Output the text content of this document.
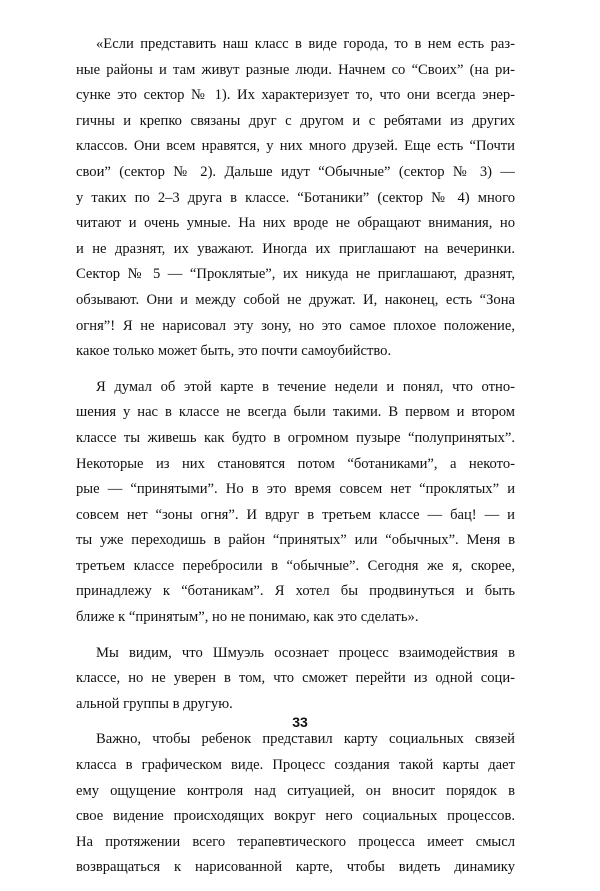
«Если представить наш класс в виде города, то в нем есть раз-
ные районы и там живут разные люди. Начнем со “Своих” (на ри-
сунке это сектор № 1). Их характеризует то, что они всегда энер-
гичны и крепко связаны друг с другом и с ребятами из других
классов. Они всем нравятся, у них много друзей. Еще есть “Почти
свои” (сектор № 2). Дальше идут “Обычные” (сектор № 3) —
у таких по 2–3 друга в классе. “Ботаники” (сектор № 4) много
читают и очень умные. На них вроде не обращают внимания, но
и не дразнят, их уважают. Иногда их приглашают на вечеринки.
Сектор № 5 — “Проклятые”, их никуда не приглашают, дразнят,
обзывают. Они и между собой не дружат. И, наконец, есть “Зона
огня”! Я не нарисовал эту зону, но это самое плохое положение,
какое только может быть, это почти самоубийство.
Я думал об этой карте в течение недели и понял, что отно-
шения у нас в классе не всегда были такими. В первом и втором
классе ты живешь как будто в огромном пузыре “полупринятых”.
Некоторые из них становятся потом “ботаниками”, а некото-
рые — “принятыми”. Но в это время совсем нет “проклятых” и
совсем нет “зоны огня”. И вдруг в третьем классе — бац! — и
ты уже переходишь в район “принятых” или “обычных”. Меня в
третьем классе перебросили в “обычные”. Сегодня же я, скорее,
принадлежу к “ботаникам”. Я хотел бы продвинуться и быть
ближе к “принятым”, но не понимаю, как это сделать».
Мы видим, что Шмуэль осознает процесс взаимодействия в
классе, но не уверен в том, что сможет перейти из одной соци-
альной группы в другую.
Важно, чтобы ребенок представил карту социальных связей
класса в графическом виде. Процесс создания такой карты дает
ему ощущение контроля над ситуацией, он вносит порядок в
свое видение происходящих вокруг него социальных процессов.
На протяжении всего терапевтического процесса имеет смысл
возвращаться к нарисованной карте, чтобы видеть динамику
33
